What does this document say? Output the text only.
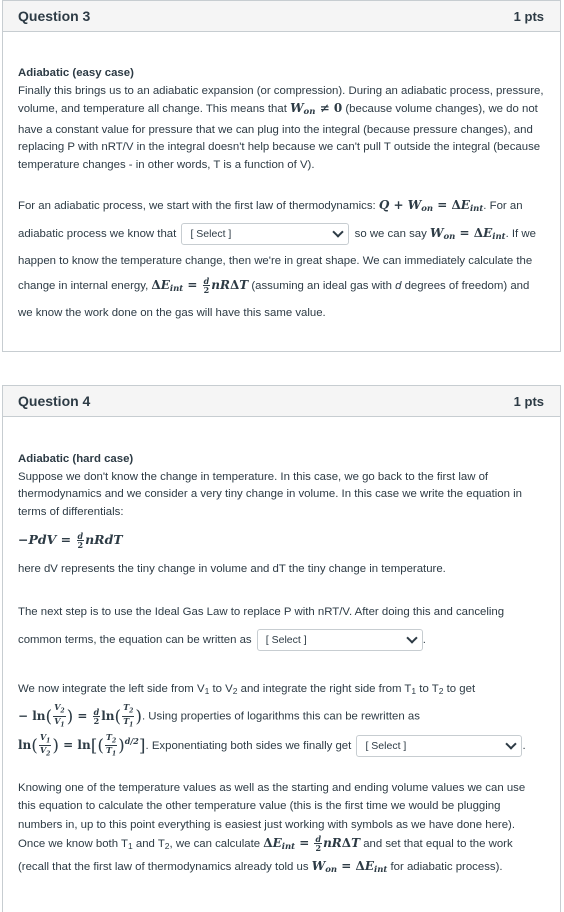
Question 3	1 pts
Adiabatic (easy case)
Finally this brings us to an adiabatic expansion (or compression). During an adiabatic process, pressure, volume, and temperature all change. This means that $W_{on} \ne 0$ (because volume changes), we do not have a constant value for pressure that we can plug into the integral (because pressure changes), and replacing P with nRT/V in the integral doesn't help because we can't pull T outside the integral (because temperature changes - in other words, T is a function of V).
For an adiabatic process, we start with the first law of thermodynamics: $Q + W_{on} = \Delta E_{int}$. For an adiabatic process we know that [ Select ]	so we can say $W_{on} = \Delta E_{int}$. If we happen to know the temperature change, then we're in great shape. We can immediately calculate the change in internal energy, $\Delta E_{int} = \frac{d}{2}$ nRΔT (assuming an ideal gas with d degrees of freedom) and we know the work done on the gas will have this same value.
Question 4	1 pts
Adiabatic (hard case)
Suppose we don't know the change in temperature. In this case, we go back to the first law of thermodynamics and we consider a very tiny change in volume. In this case we write the equation in terms of differentials:
$-PdV = \frac{d}{2}$ nRdT
here dV represents the tiny change in volume and dT the tiny change in temperature.
The next step is to use the Ideal Gas Law to replace P with nRT/V. After doing this and canceling common terms, the equation can be written as [ Select ]	.
We now integrate the left side from $V_1$ to $V_2$ and integrate the right side from $T_1$ to $T_2$ to get
− $\ln( \frac{V_2}{V_1}$ ) = $\frac{d}{2} \ln( \frac{T_2}{T_1}$ ). Using properties of logarithms this can be rewritten as
$\ln( \frac{V_1}{V_2}$ ) = $\ln[( \frac{T_2}{T_1} )^{d/2}]$. Exponentiating both sides we finally get [ Select ]	.
Knowing one of the temperature values as well as the starting and ending volume values we can use this equation to calculate the other temperature value (this is the first time we would be plugging numbers in, up to this point everything is easiest just working with symbols as we have done here). Once we know both $T_1$ and $T_2$, we can calculate $\Delta E_{int} = \frac{d}{2}$ nRΔT and set that equal to the work (recall that the first law of thermodynamics already told us $W_{on} = \Delta E_{int}$ for adiabatic process).
